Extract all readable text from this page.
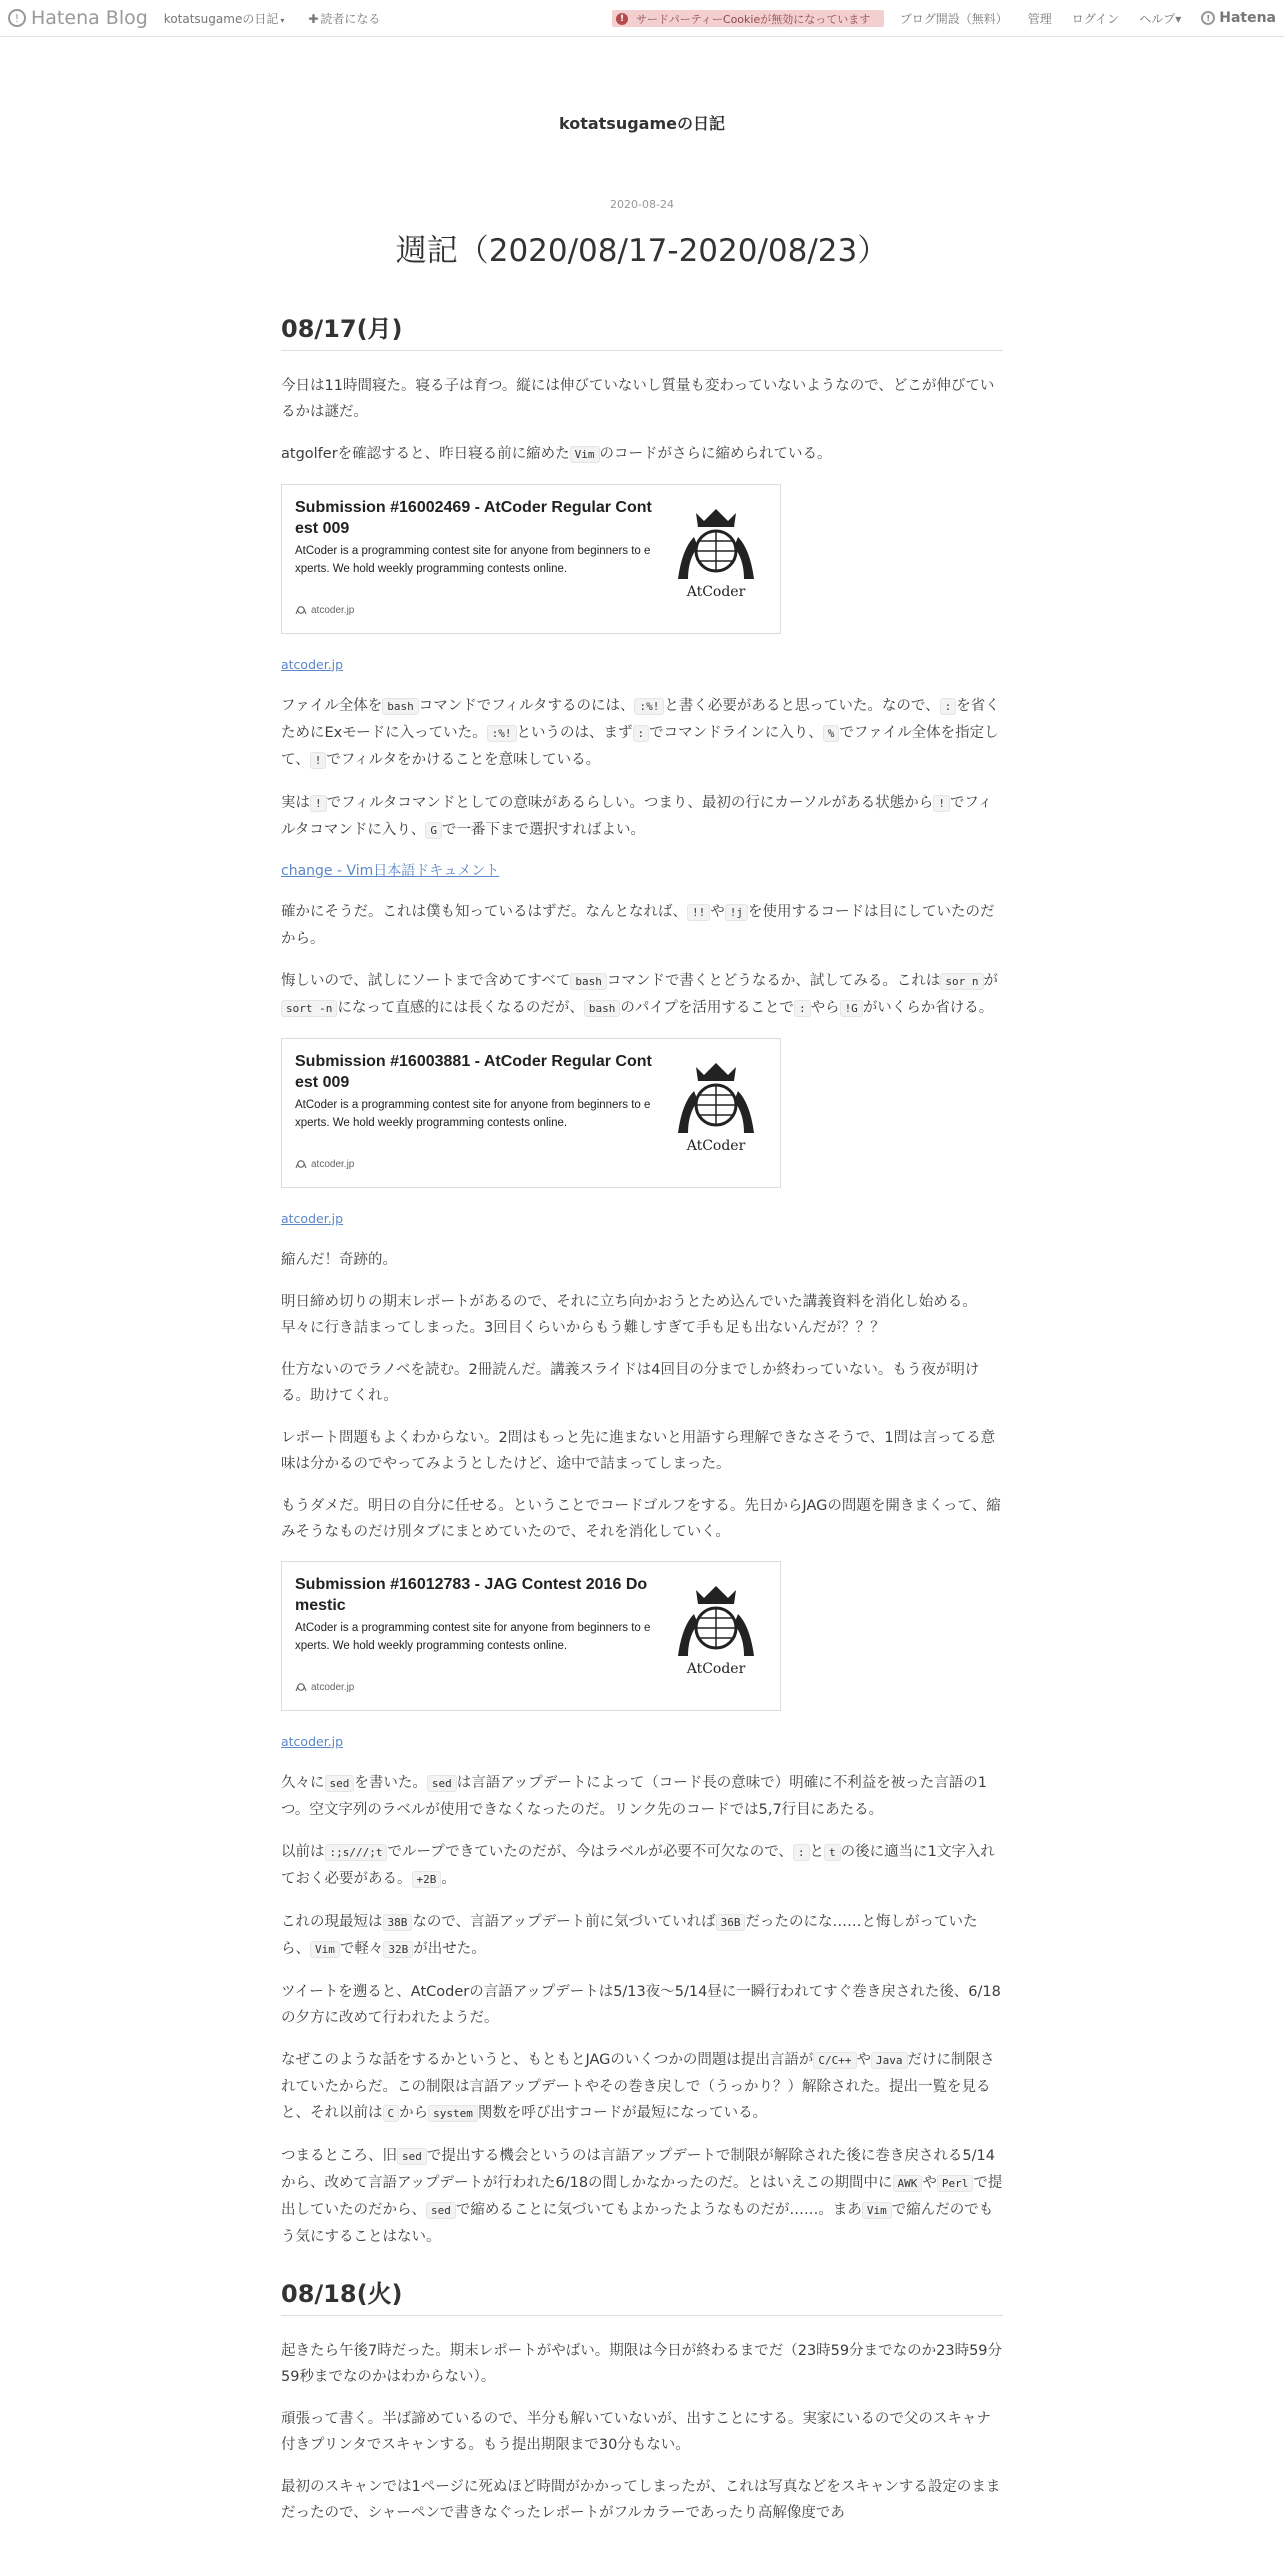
! Hatena Blog kotatsugameの日記 ▾ ✚ 読者になる	!	サードパーティーCookieが無効になっています ブログ開設（無料） 管理 ログイン ヘルプ▾	! Hatena
kotatsugameの日記
2020-08-24
週記（2020/08/17-2020/08/23）
08/17(月)

今日は11時間寝た。寝る子は育つ。縦には伸びていないし質量も変わっていないようなので、どこが伸びているかは謎だ。

atgolferを確認すると、昨日寝る前に縮めた Vim のコードがさらに縮められている。

Submission #16002469 - AtCoder Regular Contest 009
AtCoder is a programming contest site for anyone from beginners to experts. We hold weekly programming contests online.
atcoder.jp
AtCoder

atcoder.jp

ファイル全体を bash コマンドでフィルタするのには、 :%! と書く必要があると思っていた。なので、 : を省くためにExモードに入っていた。 :%! というのは、まず : でコマンドラインに入り、 % でファイル全体を指定して、 ! でフィルタをかけることを意味している。

実は ! でフィルタコマンドとしての意味があるらしい。つまり、最初の行にカーソルがある状態から ! でフィルタコマンドに入り、 G で一番下まで選択すればよい。

change - Vim日本語ドキュメント

確かにそうだ。これは僕も知っているはずだ。なんとなれば、 !! や !j を使用するコードは目にしていたのだから。

悔しいので、試しにソートまで含めてすべて bash コマンドで書くとどうなるか、試してみる。これは sor n がsort -n になって直感的には長くなるのだが、 bash のパイプを活用することで : やら !G がいくらか省ける。

Submission #16003881 - AtCoder Regular Contest 009
AtCoder is a programming contest site for anyone from beginners to experts. We hold weekly programming contests online.
atcoder.jp
AtCoder

atcoder.jp

縮んだ！奇跡的。

明日締め切りの期末レポートがあるので、それに立ち向かおうとため込んでいた講義資料を消化し始める。早々に行き詰まってしまった。3回目くらいからもう難しすぎて手も足も出ないんだが？？？

仕方ないのでラノベを読む。2冊読んだ。講義スライドは4回目の分までしか終わっていない。もう夜が明ける。助けてくれ。

レポート問題もよくわからない。2問はもっと先に進まないと用語すら理解できなさそうで、1問は言ってる意味は分かるのでやってみようとしたけど、途中で詰まってしまった。

もうダメだ。明日の自分に任せる。ということでコードゴルフをする。先日からJAGの問題を開きまくって、縮みそうなものだけ別タブにまとめていたので、それを消化していく。

Submission #16012783 - JAG Contest 2016 Domestic
AtCoder is a programming contest site for anyone from beginners to experts. We hold weekly programming contests online.
atcoder.jp
AtCoder

atcoder.jp

久々に sed を書いた。 sed は言語アップデートによって（コード長の意味で）明確に不利益を被った言語の1つ。空文字列のラベルが使用できなくなったのだ。リンク先のコードでは5,7行目にあたる。

以前は :;s///;t でループできていたのだが、今はラベルが必要不可欠なので、 : と t の後に適当に1文字入れておく必要がある。 +2B 。

これの現最短は 38B なので、言語アップデート前に気づいていれば 36B だったのにな……と悔しがっていたら、 Vim で軽々 32B が出せた。

ツイートを遡ると、AtCoderの言語アップデートは5/13夜～5/14昼に一瞬行われてすぐ巻き戻された後、6/18の夕方に改めて行われたようだ。

なぜこのような話をするかというと、もともとJAGのいくつかの問題は提出言語が C/C++ や Java だけに制限されていたからだ。この制限は言語アップデートやその巻き戻しで（うっかり？）解除された。提出一覧を見ると、それ以前は C から system 関数を呼び出すコードが最短になっている。

つまるところ、旧 sed で提出する機会というのは言語アップデートで制限が解除された後に巻き戻される5/14から、改めて言語アップデートが行われた6/18の間しかなかったのだ。とはいえこの期間中に AWK や Perl で提出していたのだから、 sed で縮めることに気づいてもよかったようなものだが……。まあ Vim で縮んだのでもう気にすることはない。

08/18(火)

起きたら午後7時だった。期末レポートがやばい。期限は今日が終わるまでだ（23時59分までなのか23時59分59秒までなのかはわからない）。

頑張って書く。半ば諦めているので、半分も解いていないが、出すことにする。実家にいるので父のスキャナ付きプリンタでスキャンする。もう提出期限まで30分もない。

最初のスキャンでは1ページに死ぬほど時間がかかってしまったが、これは写真などをスキャンする設定のままだったので、シャーペンで書きなぐったレポートがフルカラーであったり高解像度であ
